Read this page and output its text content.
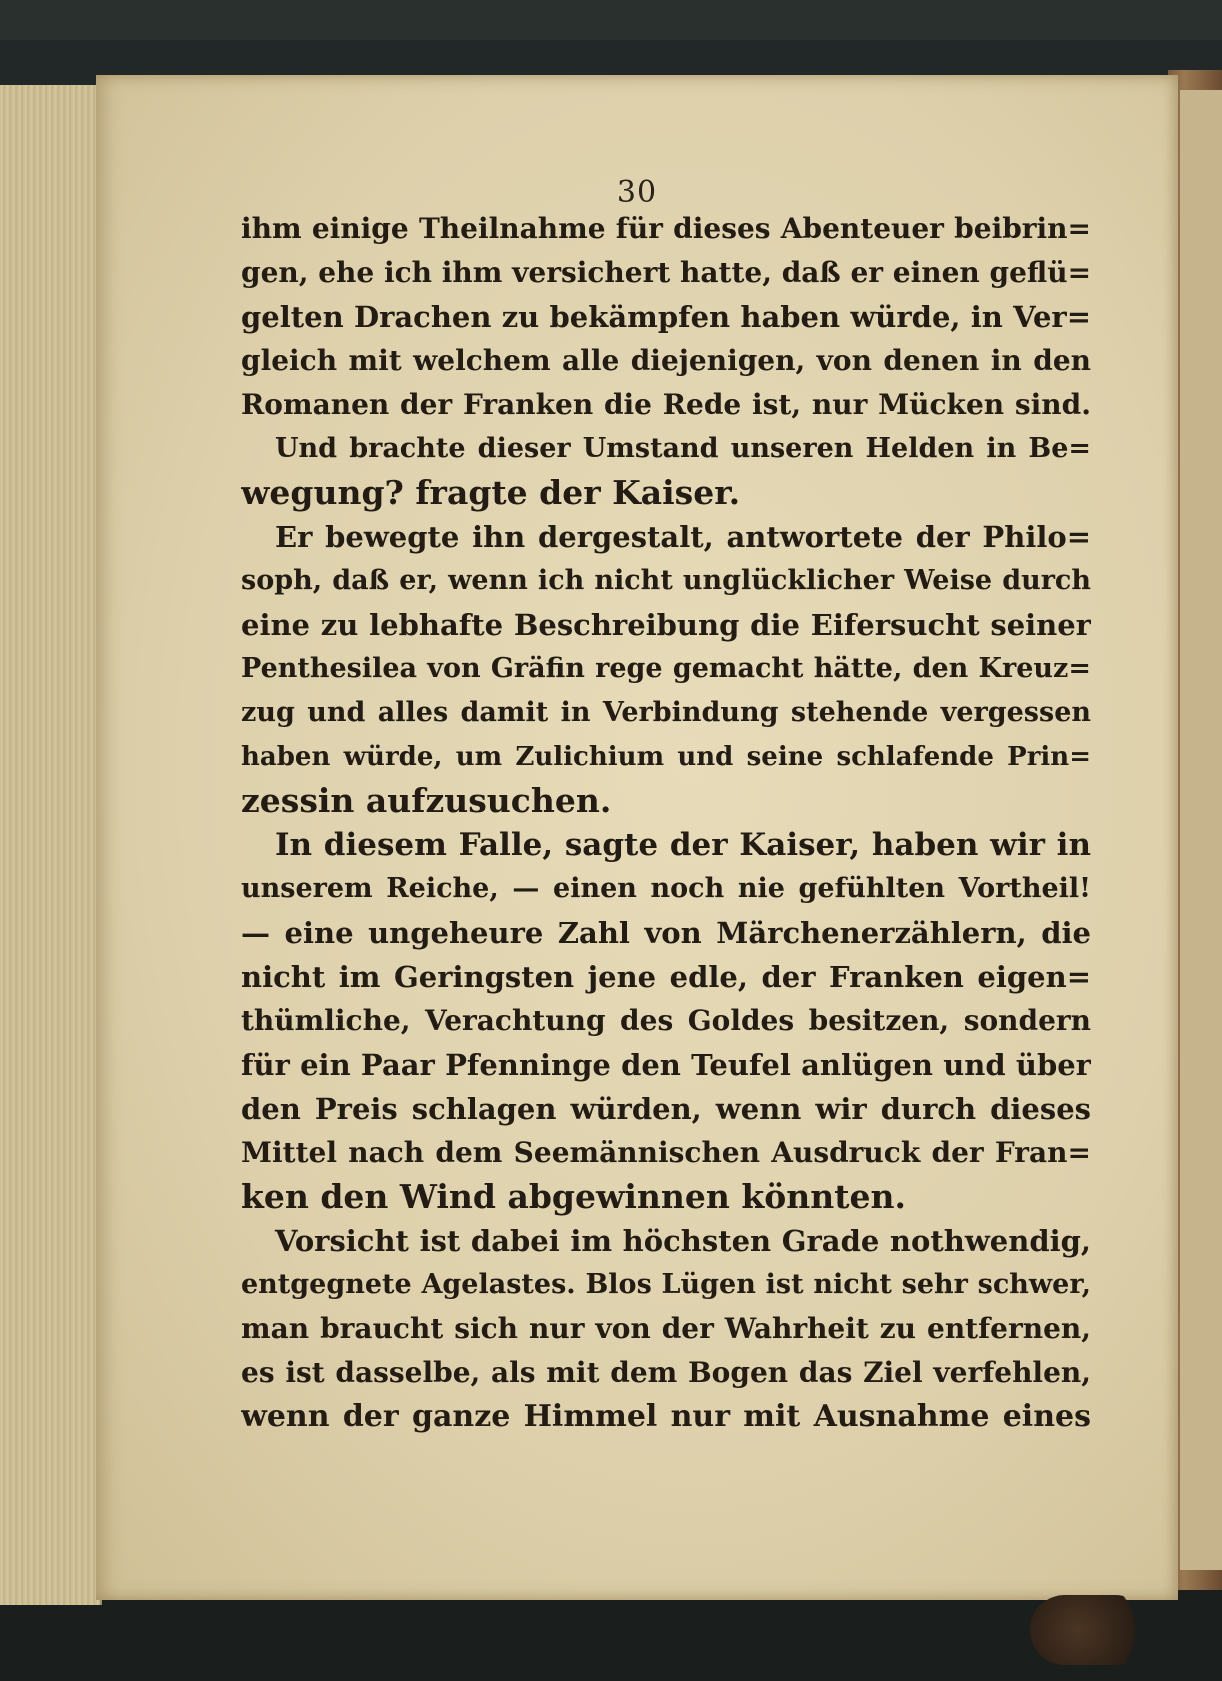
30
ihm einige Theilnahme für dieses Abenteuer beibrin=
gen, ehe ich ihm versichert hatte, daß er einen geflü=
gelten Drachen zu bekämpfen haben würde, in Ver=
gleich mit welchem alle diejenigen, von denen in den
Romanen der Franken die Rede ist, nur Mücken sind.
Und brachte dieser Umstand unseren Helden in Be=
wegung? fragte der Kaiser.
Er bewegte ihn dergestalt, antwortete der Philo=
soph, daß er, wenn ich nicht unglücklicher Weise durch
eine zu lebhafte Beschreibung die Eifersucht seiner
Penthesilea von Gräfin rege gemacht hätte, den Kreuz=
zug und alles damit in Verbindung stehende vergessen
haben würde, um Zulichium und seine schlafende Prin=
zessin aufzusuchen.
In diesem Falle, sagte der Kaiser, haben wir in
unserem Reiche, — einen noch nie gefühlten Vortheil!
— eine ungeheure Zahl von Märchenerzählern, die
nicht im Geringsten jene edle, der Franken eigen=
thümliche, Verachtung des Goldes besitzen, sondern
für ein Paar Pfenninge den Teufel anlügen und über
den Preis schlagen würden, wenn wir durch dieses
Mittel nach dem Seemännischen Ausdruck der Fran=
ken den Wind abgewinnen könnten.
Vorsicht ist dabei im höchsten Grade nothwendig,
entgegnete Agelastes. Blos Lügen ist nicht sehr schwer,
man braucht sich nur von der Wahrheit zu entfernen,
es ist dasselbe, als mit dem Bogen das Ziel verfehlen,
wenn der ganze Himmel nur mit Ausnahme eines
